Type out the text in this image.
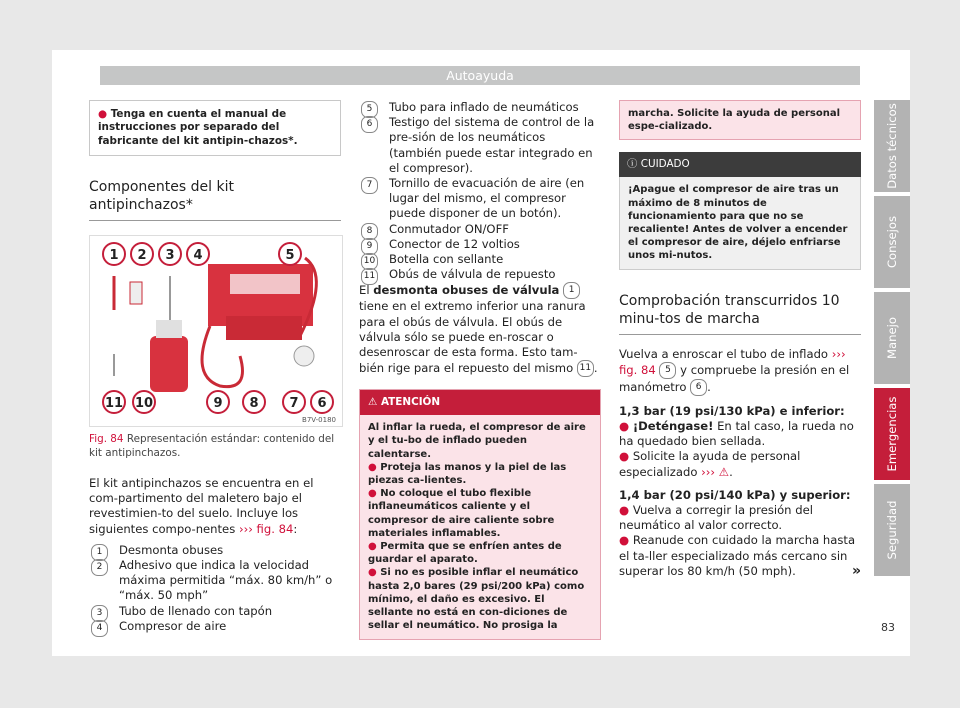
Autoayuda
● Tenga en cuenta el manual de instrucciones por separado del fabricante del kit antipin-chazos*.
Componentes del kit antipinchazos*
1 2 3 4	5
11 10	9 8 7 6
B7V-0180
Fig. 84 Representación estándar: contenido del kit antipinchazos.
El kit antipinchazos se encuentra en el com-partimento del maletero bajo el revestimien-to del suelo. Incluye los siguientes compo-nentes ››› fig. 84:
1	Desmonta obuses
2	Adhesivo que indica la velocidad máxima permitida “máx. 80 km/h” o “máx. 50 mph”
3	Tubo de llenado con tapón
4	Compresor de aire
5	Tubo para inflado de neumáticos
6	Testigo del sistema de control de la pre-sión de los neumáticos (también puede estar integrado en el compresor).
7	Tornillo de evacuación de aire (en lugar del mismo, el compresor puede disponer de un botón).
8	Conmutador ON/OFF
9	Conector de 12 voltios
10 Botella con sellante
11 Obús de válvula de repuesto
El desmonta obuses de válvula 1 tiene en el extremo inferior una ranura para el obús de válvula. El obús de válvula sólo se puede en-roscar o desenroscar de esta forma. Esto tam-bién rige para el repuesto del mismo 11 .
⚠ ATENCIÓN
Al inflar la rueda, el compresor de aire y el tu-bo de inflado pueden calentarse.
● Proteja las manos y la piel de las piezas ca-lientes.
● No coloque el tubo flexible inflaneumáticos caliente y el compresor de aire caliente sobre materiales inflamables.
● Permita que se enfríen antes de guardar el aparato.
● Si no es posible inflar el neumático hasta 2,0 bares (29 psi/200 kPa) como mínimo, el daño es excesivo. El sellante no está en con-diciones de sellar el neumático. No prosiga la
marcha. Solicite la ayuda de personal espe-cializado.
ⓘ CUIDADO
¡Apague el compresor de aire tras un máximo de 8 minutos de funcionamiento para que no se recaliente! Antes de volver a encender el compresor de aire, déjelo enfriarse unos mi-nutos.
Comprobación transcurridos 10 minu-tos de marcha
Vuelva a enroscar el tubo de inflado ››› fig. 84 5 y compruebe la presión en el manómetro 6 .
1,3 bar (19 psi/130 kPa) e inferior:
● ¡Deténgase! En tal caso, la rueda no ha quedado bien sellada.
● Solicite la ayuda de personal especializado ››› ⚠.
1,4 bar (20 psi/140 kPa) y superior:
● Vuelva a corregir la presión del neumático al valor correcto.
● Reanude con cuidado la marcha hasta el ta-ller especializado más cercano sin superar los 80 km/h (50 mph).	»
Datos técnicos
Consejos
Manejo
Emergencias
Seguridad
83
